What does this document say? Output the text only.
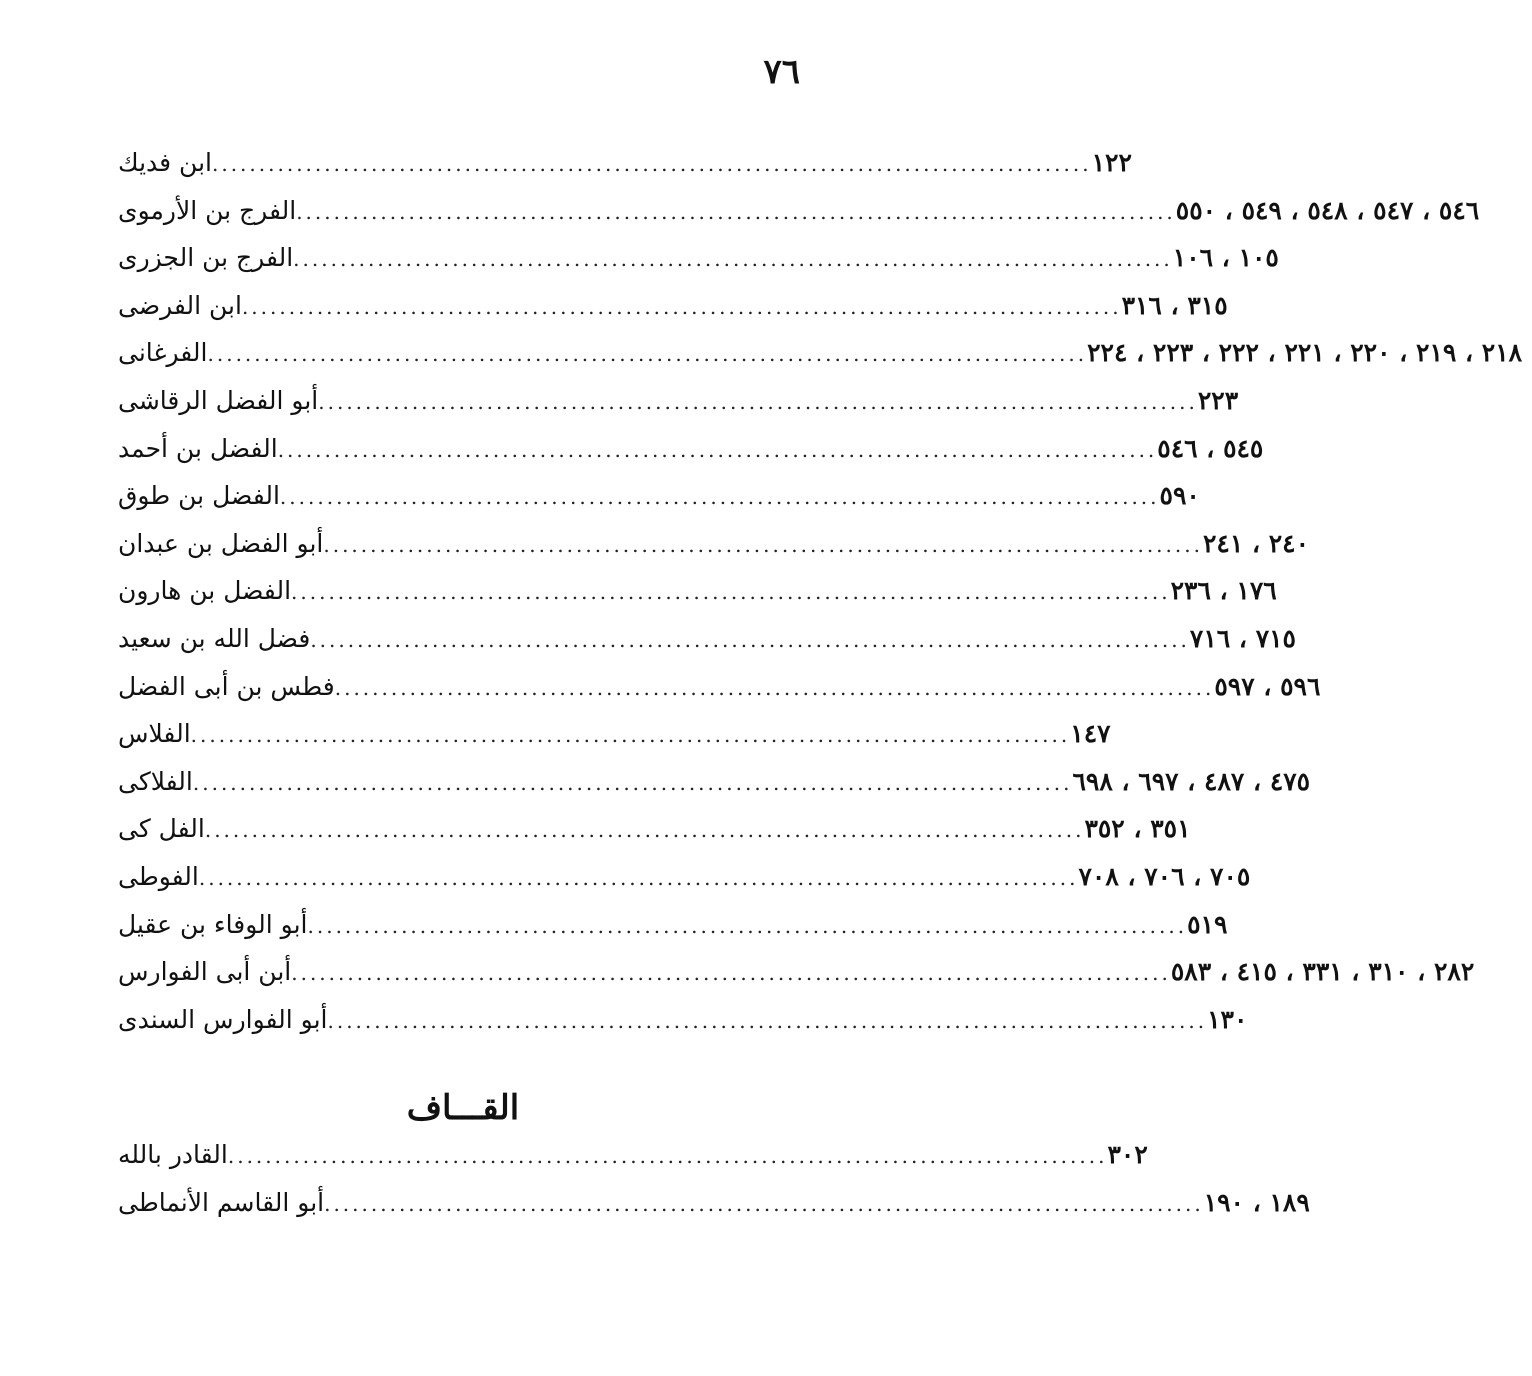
٧٦
ابن فديك .............................................................................................. ١٢٢
الفرج بن الأرموى .............................................................................................. ٥٤٦ ، ٥٤٧ ، ٥٤٨ ، ٥٤٩ ، ٥٥٠
الفرج بن الجزرى .............................................................................................. ١٠٥ ، ١٠٦
ابن الفرضى .............................................................................................. ٣١٥ ، ٣١٦
الفرغانى .............................................................................................. ٢١٨ ، ٢١٩ ، ٢٢٠ ، ٢٢١ ، ٢٢٢ ، ٢٢٣ ، ٢٢٤
أبو الفضل الرقاشى .............................................................................................. ٢٢٣
الفضل بن أحمد .............................................................................................. ٥٤٥ ، ٥٤٦
الفضل بن طوق .............................................................................................. ٥٩٠
أبو الفضل بن عبدان .............................................................................................. ٢٤٠ ، ٢٤١
الفضل بن هارون .............................................................................................. ١٧٦ ، ٢٣٦
فضل الله بن سعيد .............................................................................................. ٧١٥ ، ٧١٦
فطس بن أبى الفضل .............................................................................................. ٥٩٦ ، ٥٩٧
الفلاس .............................................................................................. ١٤٧
الفلاكى .............................................................................................. ٤٧٥ ، ٤٨٧ ، ٦٩٧ ، ٦٩٨
الفل كى .............................................................................................. ٣٥١ ، ٣٥٢
الفوطى .............................................................................................. ٧٠٥ ، ٧٠٦ ، ٧٠٨
أبو الوفاء بن عقيل .............................................................................................. ٥١٩
أبن أبى الفوارس .............................................................................................. ٢٨٢ ، ٣١٠ ، ٣٣١ ، ٤١٥ ، ٥٨٣
أبو الفوارس السندى .............................................................................................. ١٣٠
القـــاف
القادر بالله .............................................................................................. ٣٠٢
أبو القاسم الأنماطى .............................................................................................. ١٨٩ ، ١٩٠
